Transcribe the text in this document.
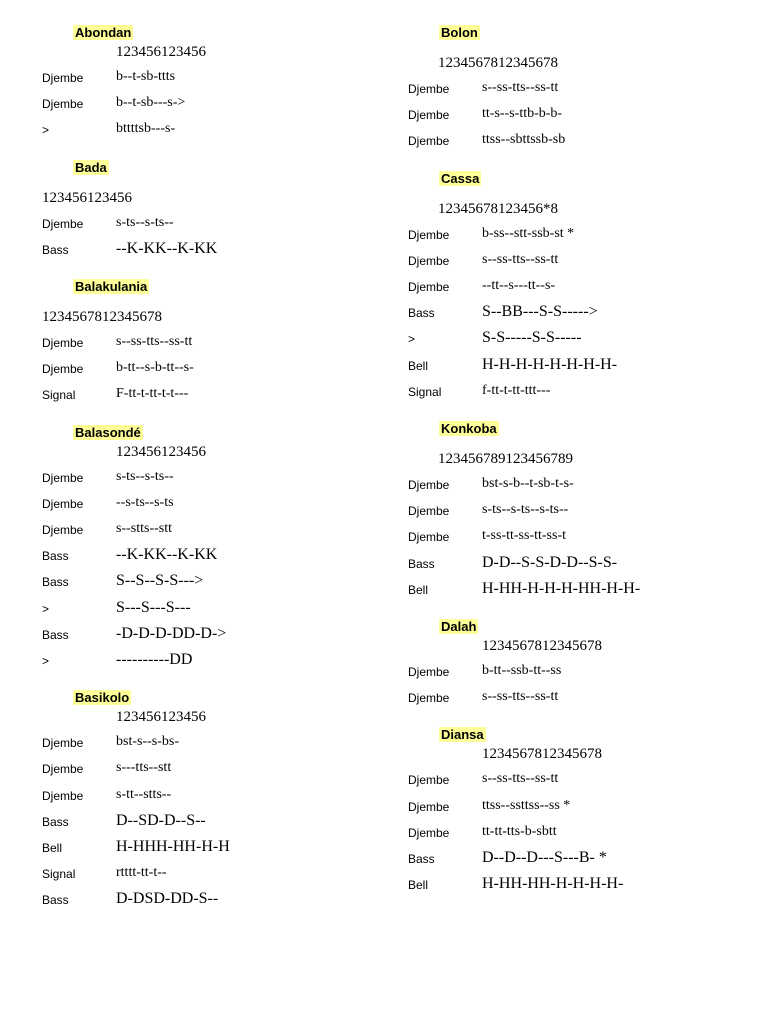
Abondan
123456123456
Djembe b--t-sb-ttts
Djembe b--t-sb---s->
>	bttttsb---s-
Bada
123456123456
Djembe s-ts--s-ts--
Bass	--K-KK--K-KK
Balakulania
1234567812345678
Djembe s--ss-tts--ss-tt
Djembe b-tt--s-b-tt--s-
Signal	F-tt-t-tt-t-t---
Balasondé
123456123456
Djembe s-ts--s-ts--
Djembe --s-ts--s-ts
Djembe s--stts--stt
Bass	--K-KK--K-KK
Bass	S--S--S-S--->
>	S---S---S---
Bass	-D-D-D-DD-D->
>	----------DD
Basikolo
123456123456
Djembe bst-s--s-bs-
Djembe s---tts--stt
Djembe s-tt--stts--
Bass	D--SD-D--S--
Bell	H-HHH-HH-H-H
Signal	rtttt-tt-t--
Bass	D-DSD-DD-S--
Bolon
1234567812345678
Djembe s--ss-tts--ss-tt
Djembe tt-s--s-ttb-b-b-
Djembe ttss--sbttssb-sb
Cassa
12345678123456*8
Djembe b-ss--stt-ssb-st *
Djembe s--ss-tts--ss-tt
Djembe --tt--s---tt--s-
Bass	S--BB---S-S----->
>	S-S-----S-S-----
Bell	H-H-H-H-H-H-H-H-
Signal	f-tt-t-tt-ttt---
Konkoba
123456789123456789
Djembe bst-s-b--t-sb-t-s-
Djembe s-ts--s-ts--s-ts--
Djembe t-ss-tt-ss-tt-ss-t
Bass	D-D--S-S-D-D--S-S-
Bell	H-HH-H-H-H-HH-H-H-
Dalah
1234567812345678
Djembe b-tt--ssb-tt--ss
Djembe s--ss-tts--ss-tt
Diansa
1234567812345678
Djembe s--ss-tts--ss-tt
Djembe ttss--ssttss--ss *
Djembe tt-tt-tts-b-sbtt
Bass	D--D--D---S---B- *
Bell	H-HH-HH-H-H-H-H-
